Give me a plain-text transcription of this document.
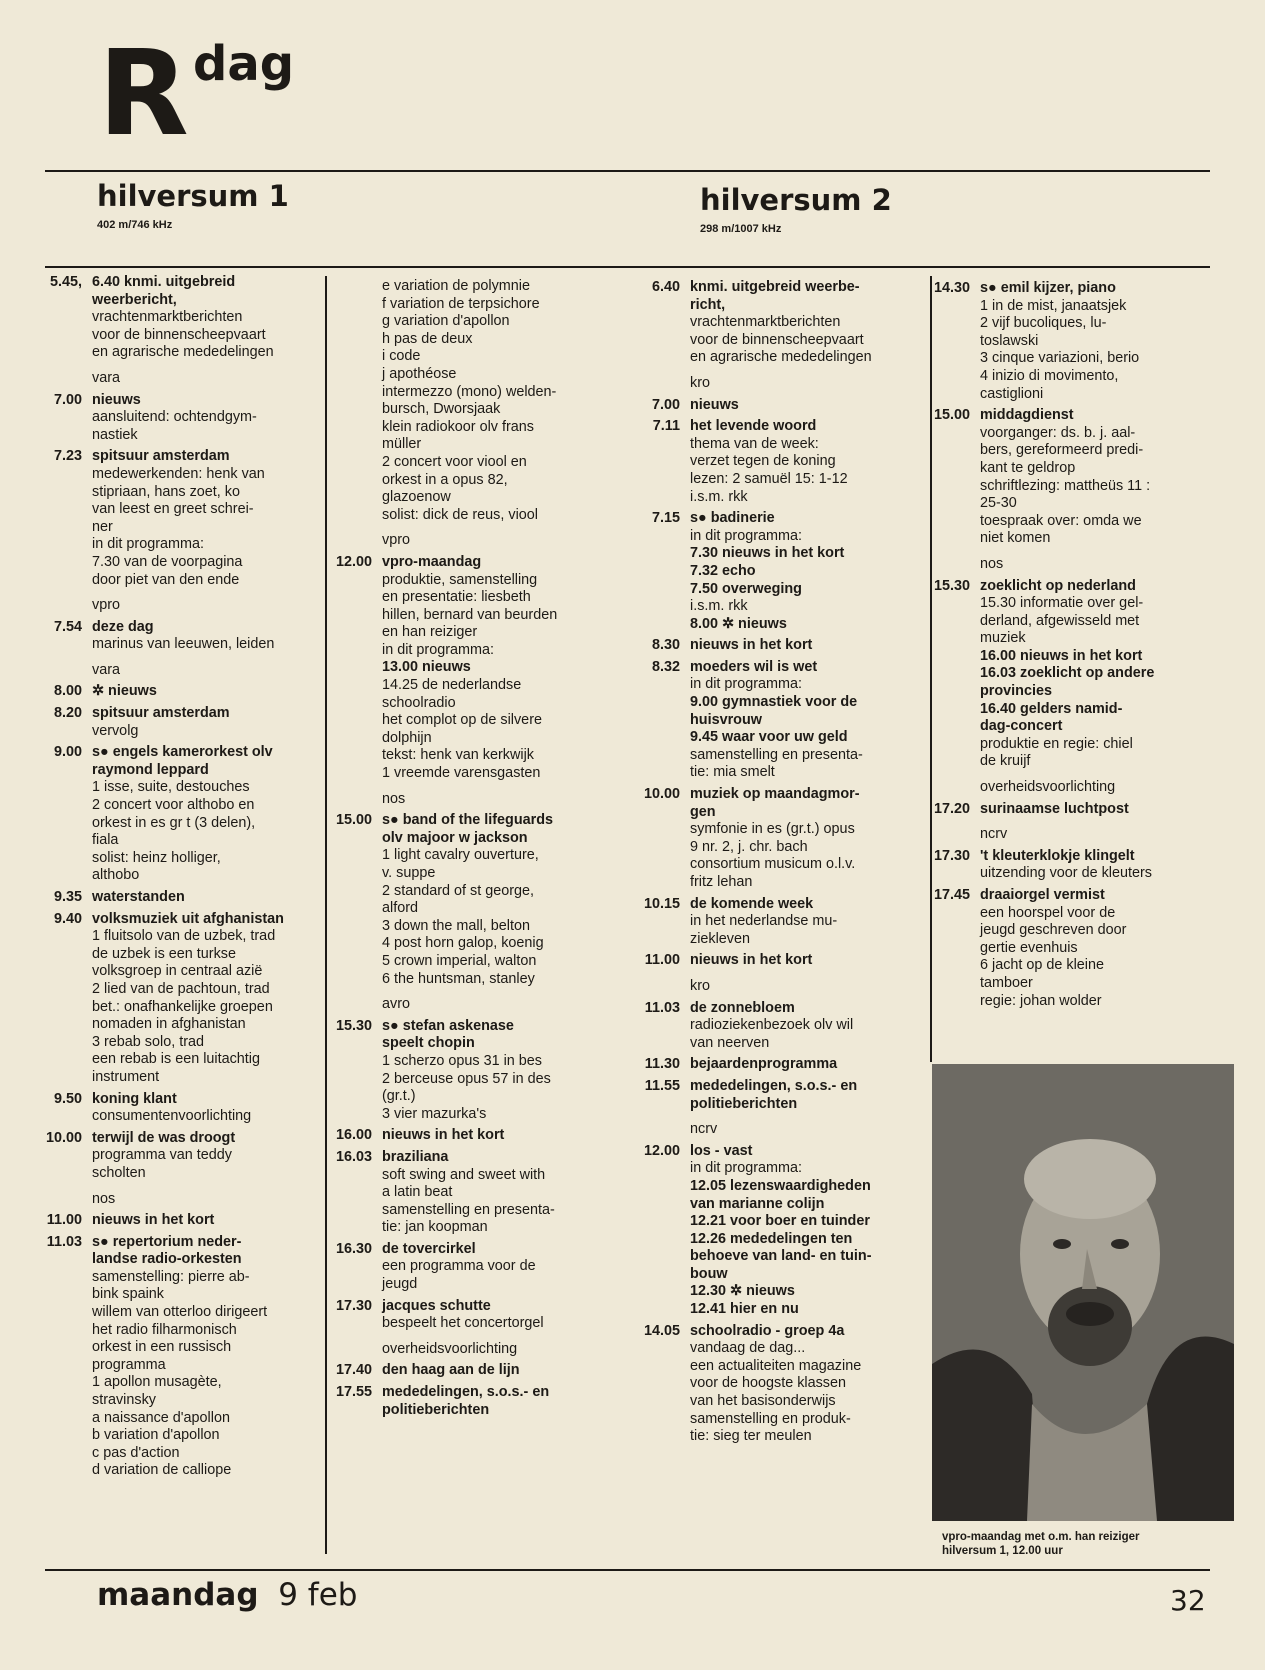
R dag
hilversum 1
402 m/746 kHz
hilversum 2
298 m/1007 kHz
5.45, 6.40 knmi. uitgebreid
weerbericht,
vrachtenmarktberichten
voor de binnenscheepvaart
en agrarische mededelingen
vara
7.00 nieuws
aansluitend: ochtendgym-
nastiek
7.23 spitsuur amsterdam
medewerkenden: henk van
stipriaan, hans zoet, ko
van leest en greet schrei-
ner
in dit programma:
7.30 van de voorpagina
door piet van den ende
vpro
7.54 deze dag
marinus van leeuwen, leiden
vara
8.00 ✲ nieuws
8.20 spitsuur amsterdam
vervolg
9.00 s● engels kamerorkest olv
raymond leppard
1 isse, suite, destouches
2 concert voor althobo en
orkest in es gr t (3 delen),
fiala
solist: heinz holliger,
althobo
9.35 waterstanden
9.40 volksmuziek uit afghanistan
1 fluitsolo van de uzbek, trad
de uzbek is een turkse
volksgroep in centraal azië
2 lied van de pachtoun, trad
bet.: onafhankelijke groepen
nomaden in afghanistan
3 rebab solo, trad
een rebab is een luitachtig
instrument
9.50 koning klant
consumentenvoorlichting
10.00 terwijl de was droogt
programma van teddy
scholten
nos
11.00 nieuws in het kort
11.03 s● repertorium neder-
landse radio-orkesten
samenstelling: pierre ab-
bink spaink
willem van otterloo dirigeert
het radio filharmonisch
orkest in een russisch
programma
1 apollon musagète,
stravinsky
a naissance d'apollon
b variation d'apollon
c pas d'action
d variation de calliope
e variation de polymnie
f variation de terpsichore
g variation d'apollon
h pas de deux
i code
j apothéose
intermezzo (mono) welden-
bursch, Dworsjaak
klein radiokoor olv frans
müller
2 concert voor viool en
orkest in a opus 82,
glazoenow
solist: dick de reus, viool
vpro
12.00 vpro-maandag
produktie, samenstelling
en presentatie: liesbeth
hillen, bernard van beurden
en han reiziger
in dit programma:
13.00 nieuws
14.25 de nederlandse
schoolradio
het complot op de silvere
dolphijn
tekst: henk van kerkwijk
1 vreemde varensgasten
nos
15.00 s● band of the lifeguards
olv majoor w jackson
1 light cavalry ouverture,
v. suppe
2 standard of st george,
alford
3 down the mall, belton
4 post horn galop, koenig
5 crown imperial, walton
6 the huntsman, stanley
avro
15.30 s● stefan askenase
speelt chopin
1 scherzo opus 31 in bes
2 berceuse opus 57 in des
(gr.t.)
3 vier mazurka's
16.00 nieuws in het kort
16.03 braziliana
soft swing and sweet with
a latin beat
samenstelling en presenta-
tie: jan koopman
16.30 de tovercirkel
een programma voor de
jeugd
17.30 jacques schutte
bespeelt het concertorgel
overheidsvoorlichting
17.40 den haag aan de lijn
17.55 mededelingen, s.o.s.- en
politieberichten
6.40 knmi. uitgebreid weerbe-
richt,
vrachtenmarktberichten
voor de binnenscheepvaart
en agrarische mededelingen
kro
7.00 nieuws
7.11 het levende woord
thema van de week:
verzet tegen de koning
lezen: 2 samuël 15: 1-12
i.s.m. rkk
7.15 s● badinerie
in dit programma:
7.30 nieuws in het kort
7.32 echo
7.50 overweging
i.s.m. rkk
8.00 ✲ nieuws
8.30 nieuws in het kort
8.32 moeders wil is wet
in dit programma:
9.00 gymnastiek voor de
huisvrouw
9.45 waar voor uw geld
samenstelling en presenta-
tie: mia smelt
10.00 muziek op maandagmor-
gen
symfonie in es (gr.t.) opus
9 nr. 2, j. chr. bach
consortium musicum o.l.v.
fritz lehan
10.15 de komende week
in het nederlandse mu-
ziekleven
11.00 nieuws in het kort
kro
11.03 de zonnebloem
radioziekenbezoek olv wil
van neerven
11.30 bejaardenprogramma
11.55 mededelingen, s.o.s.- en
politieberichten
ncrv
12.00 los - vast
in dit programma:
12.05 lezenswaardigheden
van marianne colijn
12.21 voor boer en tuinder
12.26 mededelingen ten
behoeve van land- en tuin-
bouw
12.30 ✲ nieuws
12.41 hier en nu
14.05 schoolradio - groep 4a
vandaag de dag...
een actualiteiten magazine
voor de hoogste klassen
van het basisonderwijs
samenstelling en produk-
tie: sieg ter meulen
14.30 s● emil kijzer, piano
1 in de mist, janaatsjek
2 vijf bucoliques, lu-
toslawski
3 cinque variazioni, berio
4 inizio di movimento,
castiglioni
15.00 middagdienst
voorganger: ds. b. j. aal-
bers, gereformeerd predi-
kant te geldrop
schriftlezing: mattheüs 11 :
25-30
toespraak over: omda we
niet komen
nos
15.30 zoeklicht op nederland
15.30 informatie over gel-
derland, afgewisseld met
muziek
16.00 nieuws in het kort
16.03 zoeklicht op andere
provincies
16.40 gelders namid-
dag-concert
produktie en regie: chiel
de kruijf
overheidsvoorlichting
17.20 surinaamse luchtpost
ncrv
17.30 't kleuterklokje klingelt
uitzending voor de kleuters
17.45 draaiorgel vermist
een hoorspel voor de
jeugd geschreven door
gertie evenhuis
6 jacht op de kleine
tamboer
regie: johan wolder
vpro-maandag met o.m. han reiziger
hilversum 1, 12.00 uur
maandag 9 feb	32
